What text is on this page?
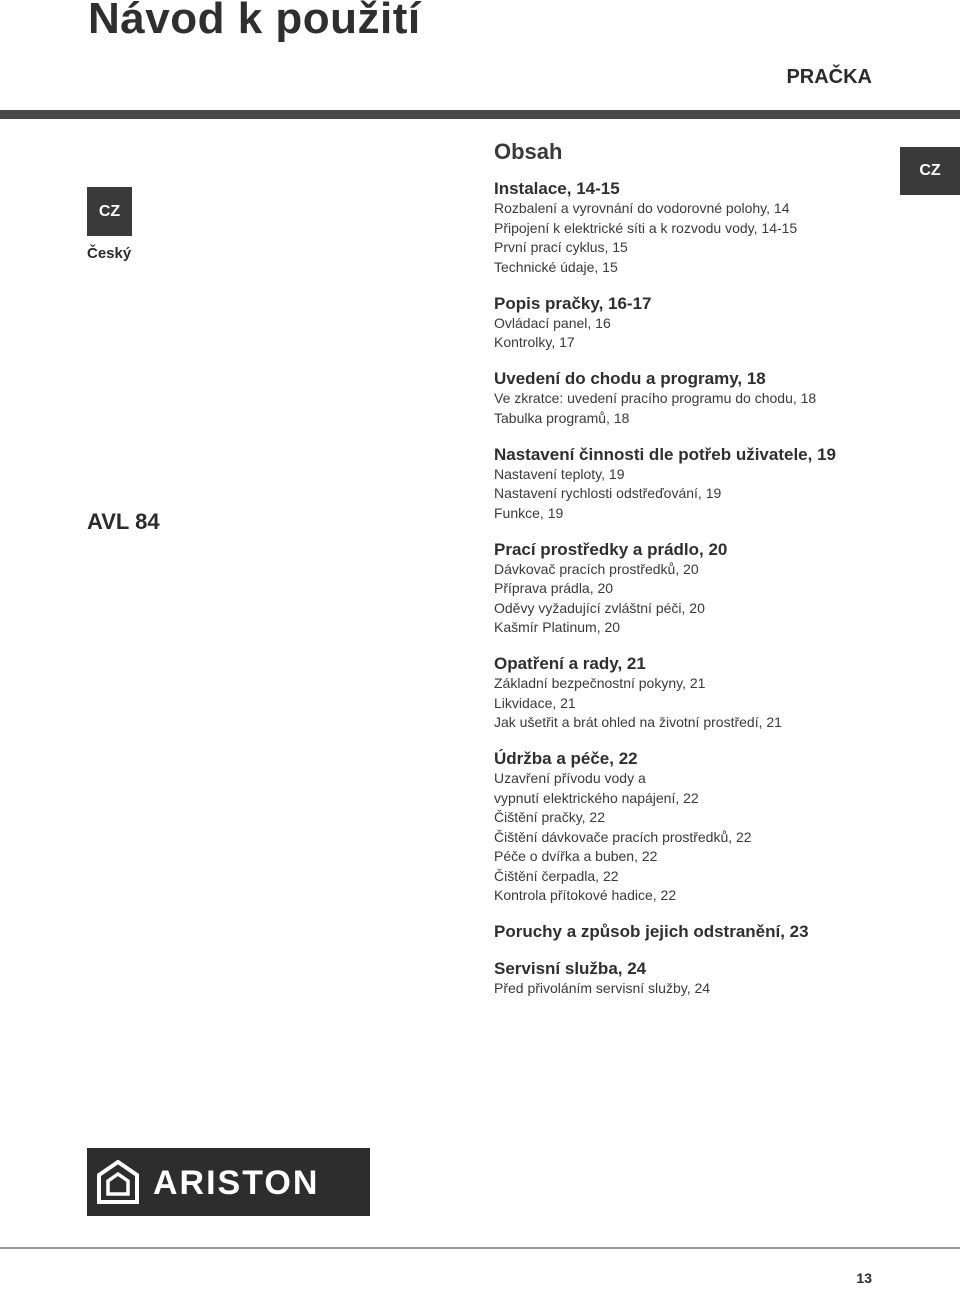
Návod k použití
PRAČKA
CZ
Český
AVL 84
CZ
Obsah
Instalace, 14-15
Rozbalení a vyrovnání do vodorovné polohy, 14
Připojení k elektrické síti a k rozvodu vody, 14-15
První prací cyklus, 15
Technické údaje, 15
Popis pračky, 16-17
Ovládací panel, 16
Kontrolky, 17
Uvedení do chodu a programy, 18
Ve zkratce: uvedení pracího programu do chodu, 18
Tabulka programů, 18
Nastavení činnosti dle potřeb uživatele, 19
Nastavení teploty, 19
Nastavení rychlosti odstřeďování, 19
Funkce, 19
Prací prostředky a prádlo, 20
Dávkovač pracích prostředků, 20
Příprava prádla, 20
Oděvy vyžadující zvláštní péči, 20
Kašmír Platinum, 20
Opatření a rady, 21
Základní bezpečnostní pokyny, 21
Likvidace, 21
Jak ušetřit a brát ohled na životní prostředí, 21
Údržba a péče, 22
Uzavření přívodu vody a
vypnutí elektrického napájení, 22
Čištění pračky, 22
Čištění dávkovače pracích prostředků, 22
Péče o dvířka a buben, 22
Čištění čerpadla, 22
Kontrola přítokové hadice, 22
Poruchy a způsob jejich odstranění, 23
Servisní služba, 24
Před přivoláním servisní služby, 24
ARISTON
13
